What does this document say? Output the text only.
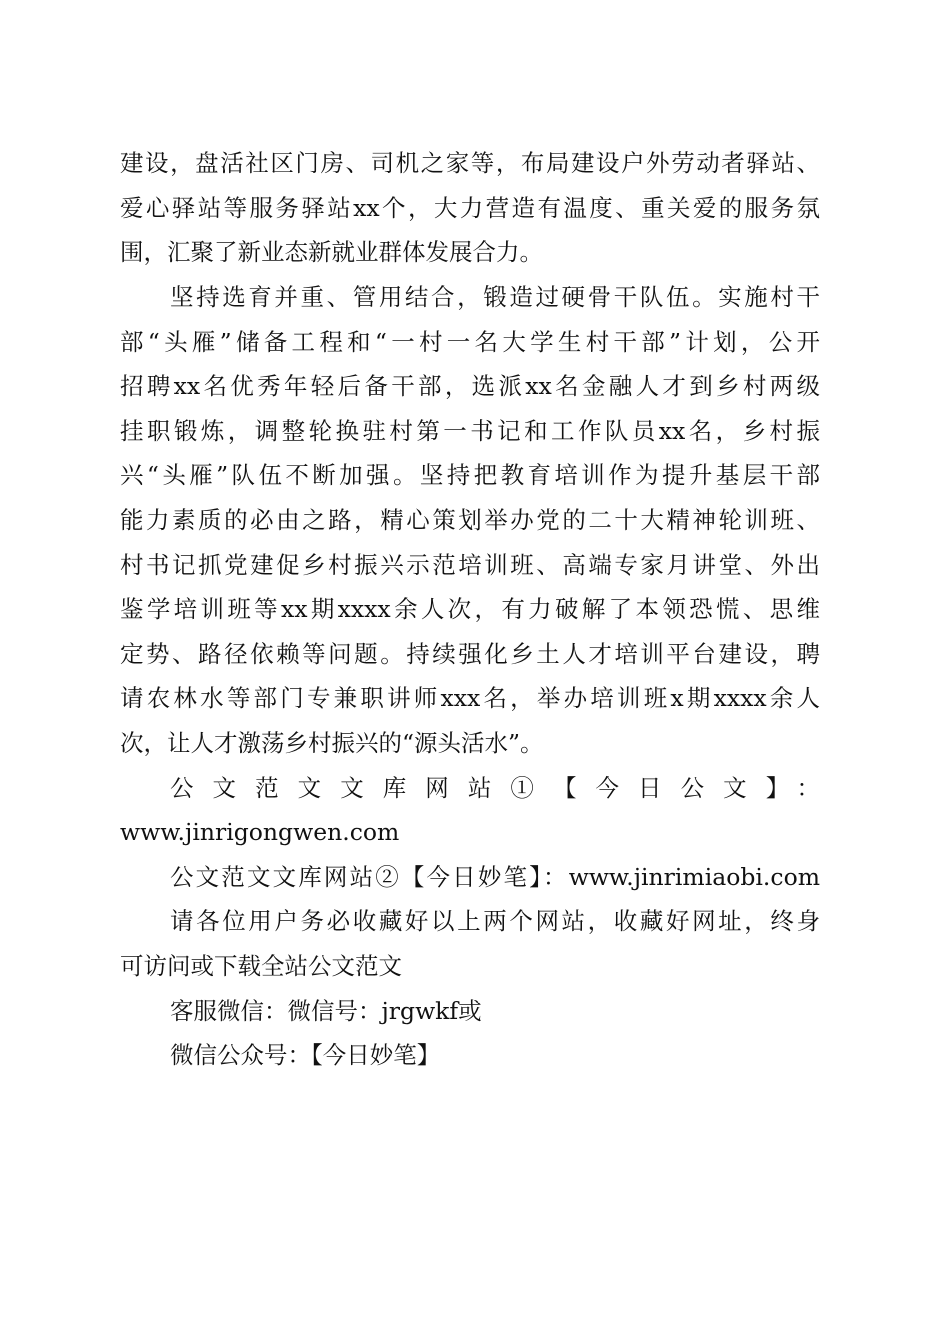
建设，盘活社区门房、司机之家等，布局建设户外劳动者驿站、
爱心驿站等服务驿站xx个，大力营造有温度、重关爱的服务氛
围，汇聚了新业态新就业群体发展合力。
坚持选育并重、管用结合，锻造过硬骨干队伍。实施村干
部“头雁”储备工程和“一村一名大学生村干部”计划，公开
招聘xx名优秀年轻后备干部，选派xx名金融人才到乡村两级
挂职锻炼，调整轮换驻村第一书记和工作队员xx名，乡村振
兴“头雁”队伍不断加强。坚持把教育培训作为提升基层干部
能力素质的必由之路，精心策划举办党的二十大精神轮训班、
村书记抓党建促乡村振兴示范培训班、高端专家月讲堂、外出
鉴学培训班等xx期xxxx余人次，有力破解了本领恐慌、思维
定势、路径依赖等问题。持续强化乡土人才培训平台建设，聘
请农林水等部门专兼职讲师xxx名，举办培训班x期xxxx余人
次，让人才激荡乡村振兴的“源头活水”。
公文范文文库网站①【今日公文】：
www.jinrigongwen.com
公文范文文库网站②【今日妙笔】：www.jinrimiaobi.com
请各位用户务必收藏好以上两个网站，收藏好网址，终身
可访问或下载全站公文范文
客服微信：微信号：jrgwkf或
微信公众号：【今日妙笔】
